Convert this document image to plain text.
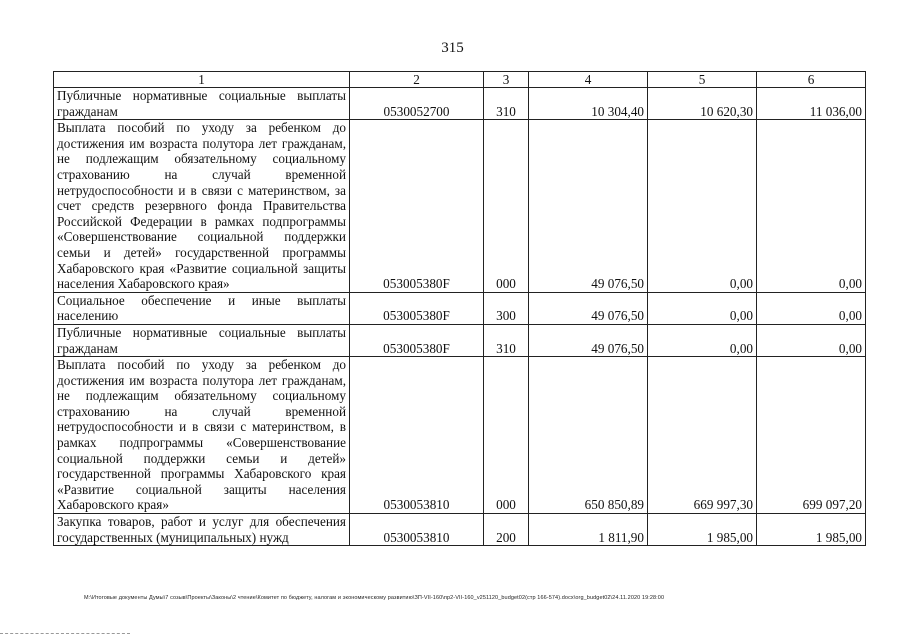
315
1	2	3	4	5	6
Публичные нормативные социальные выплаты гражданам	0530052700	310	10 304,40	10 620,30	11 036,00
Выплата пособий по уходу за ребенком до достижения им возраста полутора лет гражданам, не подлежащим обязательному социальному страхованию на случай временной нетрудоспособности и в связи с материнством, за счет средств резервного фонда Правительства Российской Федерации в рамках подпрограммы «Совершенствование социальной поддержки семьи и детей» государственной программы Хабаровского края «Развитие социальной защиты населения Хабаровского края»	053005380F	000	49 076,50	0,00	0,00
Социальное обеспечение и иные выплаты населению	053005380F	300	49 076,50	0,00	0,00
Публичные нормативные социальные выплаты гражданам	053005380F	310	49 076,50	0,00	0,00
Выплата пособий по уходу за ребенком до достижения им возраста полутора лет гражданам, не подлежащим обязательному социальному страхованию на случай временной нетрудоспособности и в связи с материнством, в рамках подпрограммы «Совершенствование социальной поддержки семьи и детей» государственной программы Хабаровского края «Развитие социальной защиты населения Хабаровского края»	0530053810	000	650 850,89	669 997,30	699 097,20
Закупка товаров, работ и услуг для обеспечения государственных (муниципальных) нужд	0530053810	200	1 811,90	1 985,00	1 985,00
M:\Итоговые документы Думы\7 созыв\Проекты\Законы\2 чтение\Комитет по бюджету, налогам и экономическому развитию\ЗП-VII-160\пр2-VII-160_v251120_budget02(стр 166-574).docx\org_budget02\24.11.2020 19:28:00
